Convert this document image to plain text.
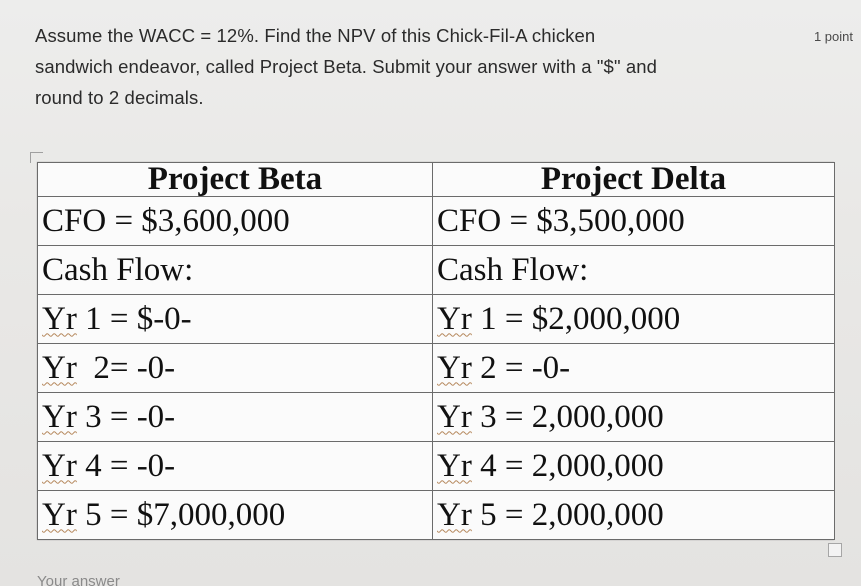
Assume the WACC = 12%. Find the NPV of this Chick-Fil-A chicken
sandwich endeavor, called Project Beta. Submit your answer with a "$" and
round to 2 decimals.
1 point
Project Beta	Project Delta
CFO = $3,600,000	CFO = $3,500,000
Cash Flow:	Cash Flow:
Yr 1 = $-0-	Yr 1 = $2,000,000
Yr  2= -0-	Yr 2 = -0-
Yr 3 = -0-	Yr 3 = 2,000,000
Yr 4 = -0-	Yr 4 = 2,000,000
Yr 5 = $7,000,000	Yr 5 = 2,000,000
Your answer
